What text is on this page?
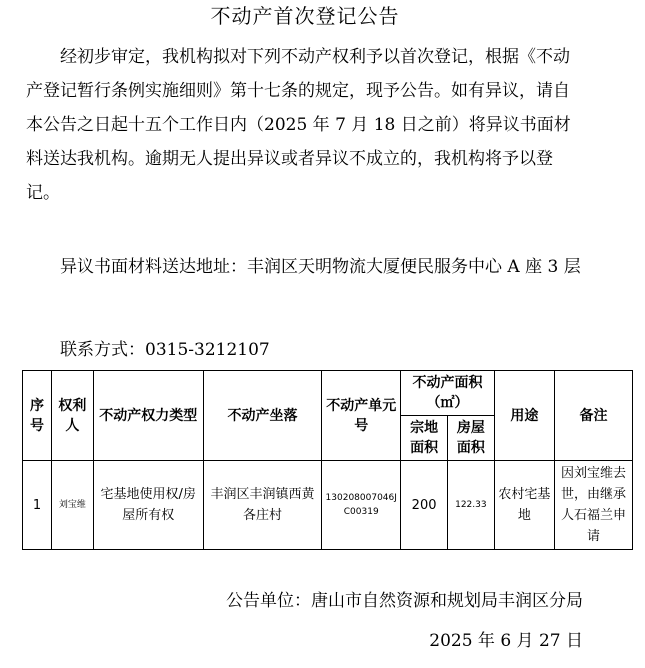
不动产首次登记公告

经初步审定，我机构拟对下列不动产权利予以首次登记，根据《不动产登记暂行条例实施细则》第十七条的规定，现予公告。如有异议，请自本公告之日起十五个工作日内（2025 年 7 月 18 日之前）将异议书面材料送达我机构。逾期无人提出异议或者异议不成立的，我机构将予以登记。

异议书面材料送达地址：丰润区天明物流大厦便民服务中心 A 座 3 层

联系方式：0315-3212107

序号	权利人	不动产权力类型	不动产坐落	不动产单元号	不动产面积（㎡）		用途	备注
					宗地面积	房屋面积		
1	刘宝维	宅基地使用权/房屋所有权	丰润区丰润镇西黄各庄村	130208007046JC00319	200	122.33	农村宅基地	因刘宝维去世，由继承人石福兰申请
公告单位：唐山市自然资源和规划局丰润区分局
2025 年 6 月 27 日
